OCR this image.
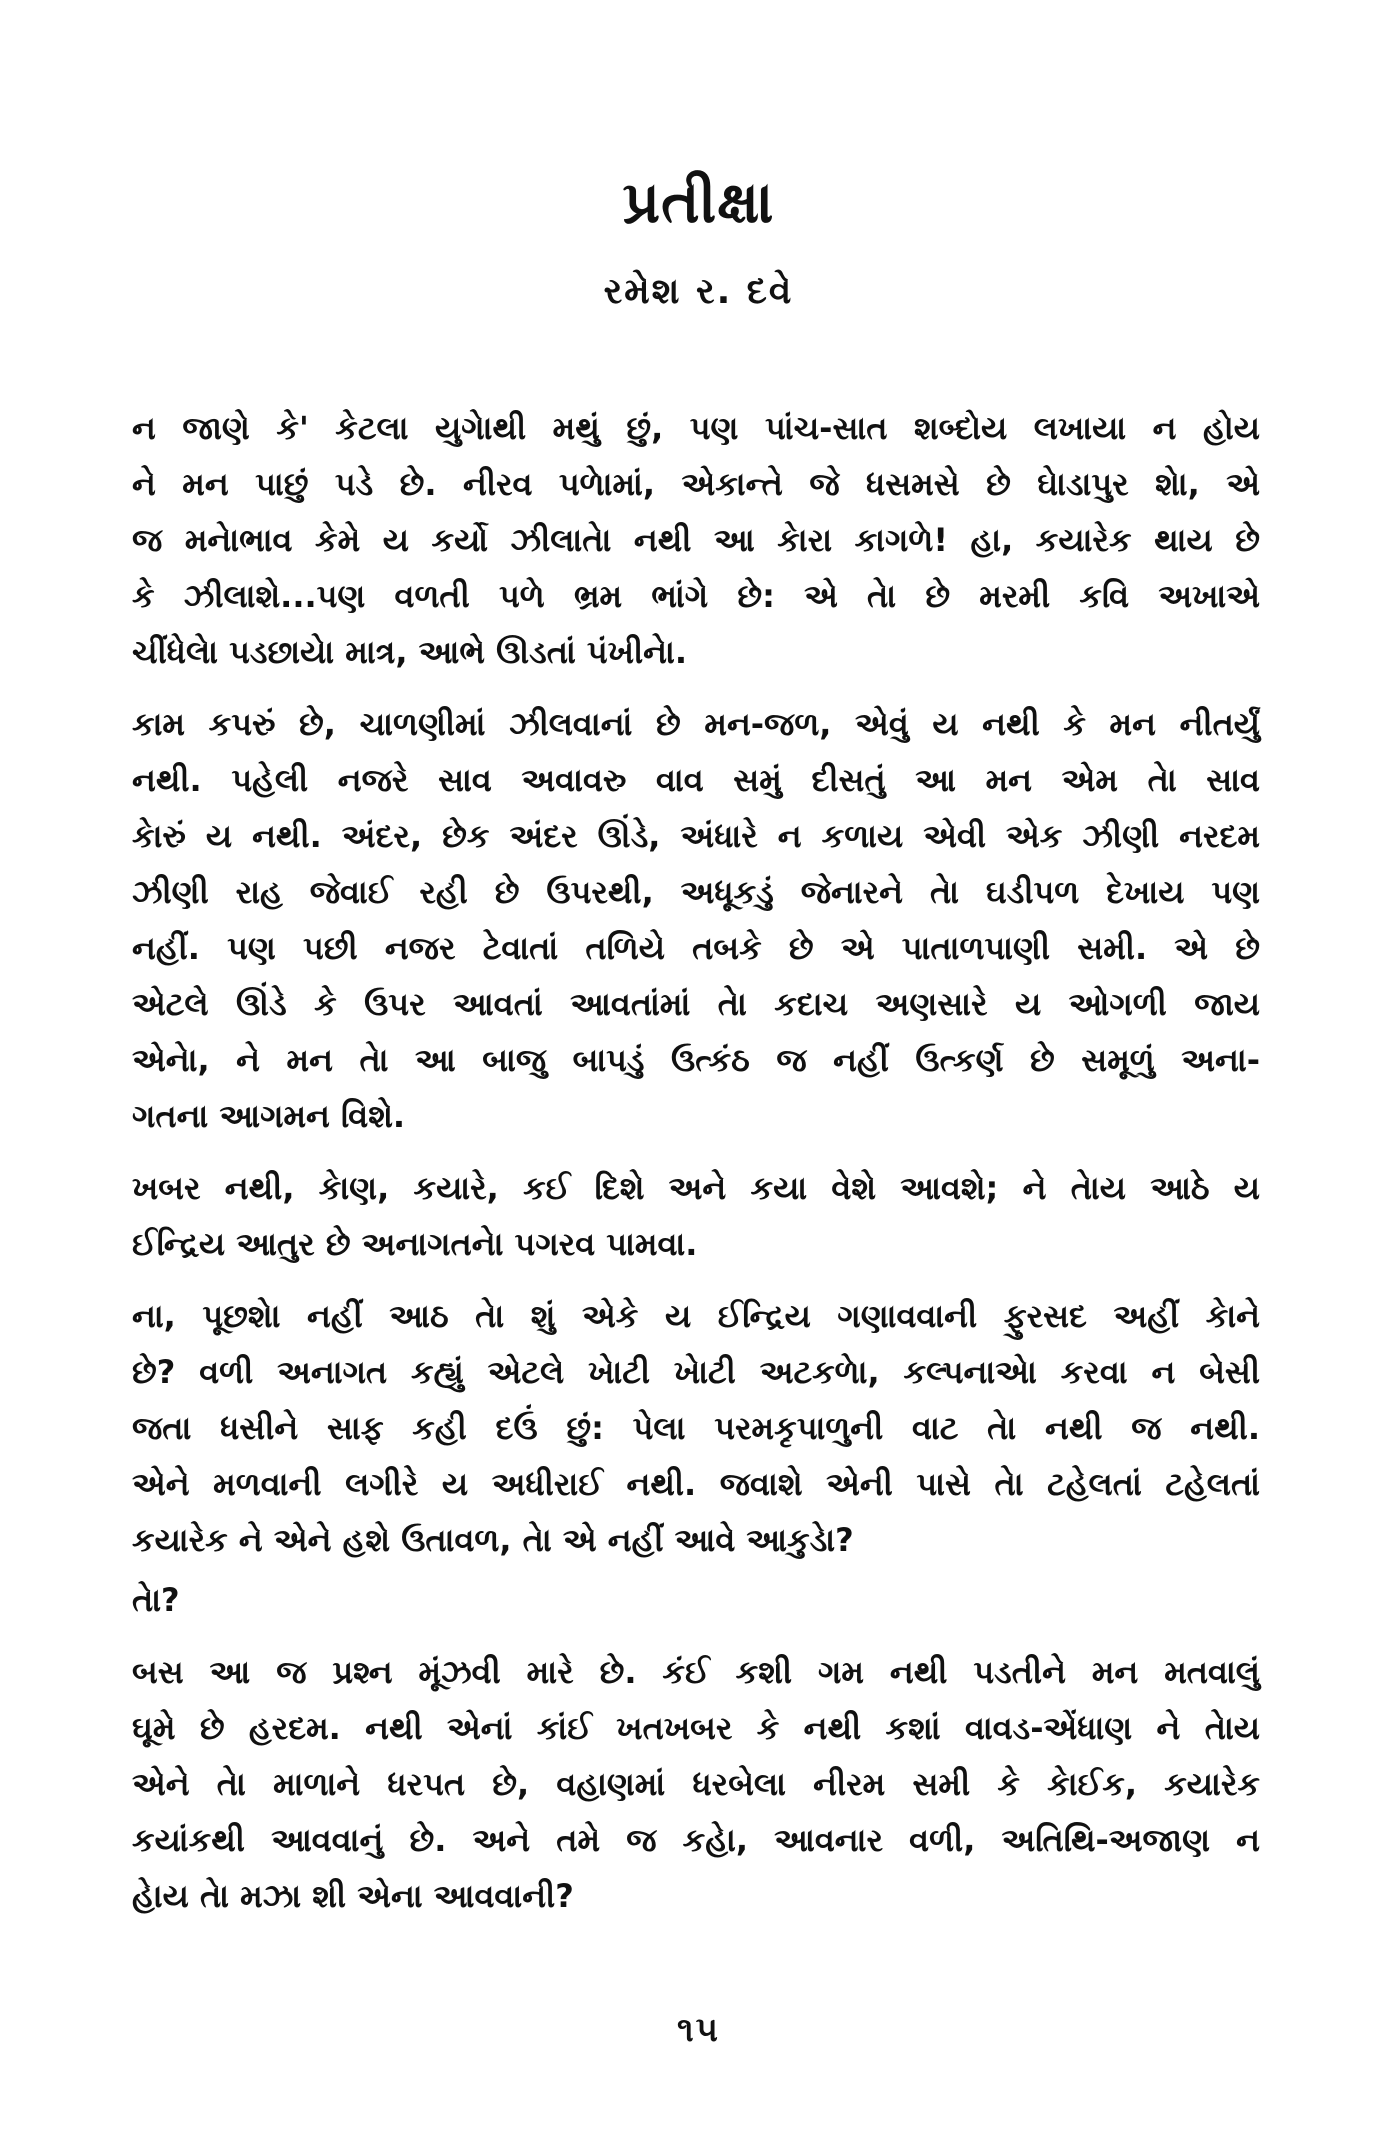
પ્રતીક્ષા
રમેશ ર. દવે

ન જાણે કે' કેટલા યુગેાથી મથું છું, પણ પાંચ-સાત શબ્દોય લખાયા ન હોય
ને મન પાછું પડે છે. નીરવ પળેામાં, એકાન્તે જે ધસમસે છે ઘેાડાપુર શેા, એ
જ મનેાભાવ કેમે ય કર્યો ઝીલાતેા નથી આ કેારા કાગળે! હા, કયારેક થાય છે
કે ઝીલાશે...પણ વળતી પળે ભ્રમ ભાંગે છે: એ તેા છે મરમી કવિ અખાએ
ચીંધેલેા પડછાયેા માત્ર, આભે ઊડતાં પંખીનેા.

કામ કપરું છે, ચાળણીમાં ઝીલવાનાં છે મન-જળ, એવું ય નથી કે મન નીતર્યું
નથી. પહેલી નજરે સાવ અવાવરુ વાવ સમું દીસતું આ મન એમ તેા સાવ
કેારું ય નથી. અંદર, છેક અંદર ઊંડે, અંધારે ન કળાય એવી એક ઝીણી નરદમ
ઝીણી રાહ જેવાઈ રહી છે ઉપરથી, અધૂકડું જેનારને તેા ઘડીપળ દેખાય પણ
નહીં. પણ પછી નજર ટેવાતાં તળિયે તબકે છે એ પાતાળપાણી સમી. એ છે
એટલે ઊંડે કે ઉપર આવતાં આવતાંમાં તેા કદાચ અણસારે ય ઓગળી જાય
એનેા, ને મન તેા આ બાજુ બાપડું ઉત્કંઠ જ નહીં ઉત્કર્ણ છે સમૂળું અના-
ગતના આગમન વિશે.

ખબર નથી, કેાણ, કયારે, કઈ દિશે અને કયા વેશે આવશે; ને તેાય આઠે ય
ઈન્દ્રિય આતુર છે અનાગતનેા પગરવ પામવા.

ના, પૂછશેા નહીં આઠ તેા શું એકે ય ઈન્દ્રિય ગણાવવાની ફુરસદ અહીં કેાને
છે? વળી અનાગત કહ્યું એટલે ખેાટી ખેાટી અટકળેા, કલ્પનાએા કરવા ન બેસી
જતા ધસીને સાફ કહી દઉં છું: પેલા પરમકૃપાળુની વાટ તેા નથી જ નથી.
એને મળવાની લગીરે ય અધીરાઈ નથી. જવાશે એની પાસે તેા ટહેલતાં ટહેલતાં
કયારેક ને એને હશે ઉતાવળ, તેા એ નહીં આવે આકુડેા?

તેા?

બસ આ જ પ્રશ્ન મૂંઝવી મારે છે. કંઈ કશી ગમ નથી પડતીને મન મતવાલું
ઘૂમે છે હરદમ. નથી એનાં કાંઈ ખતખબર કે નથી કશાં વાવડ-એંધાણ ને તેાય
એને તેા માળાને ધરપત છે, વહાણમાં ધરબેલા નીરમ સમી કે કેાઈક, કયારેક
કયાંકથી આવવાનું છે. અને તમે જ કહેા, આવનાર વળી, અતિથિ-અજાણ ન
હેાય તેા મઝા શી એના આવવાની?

૧૫
